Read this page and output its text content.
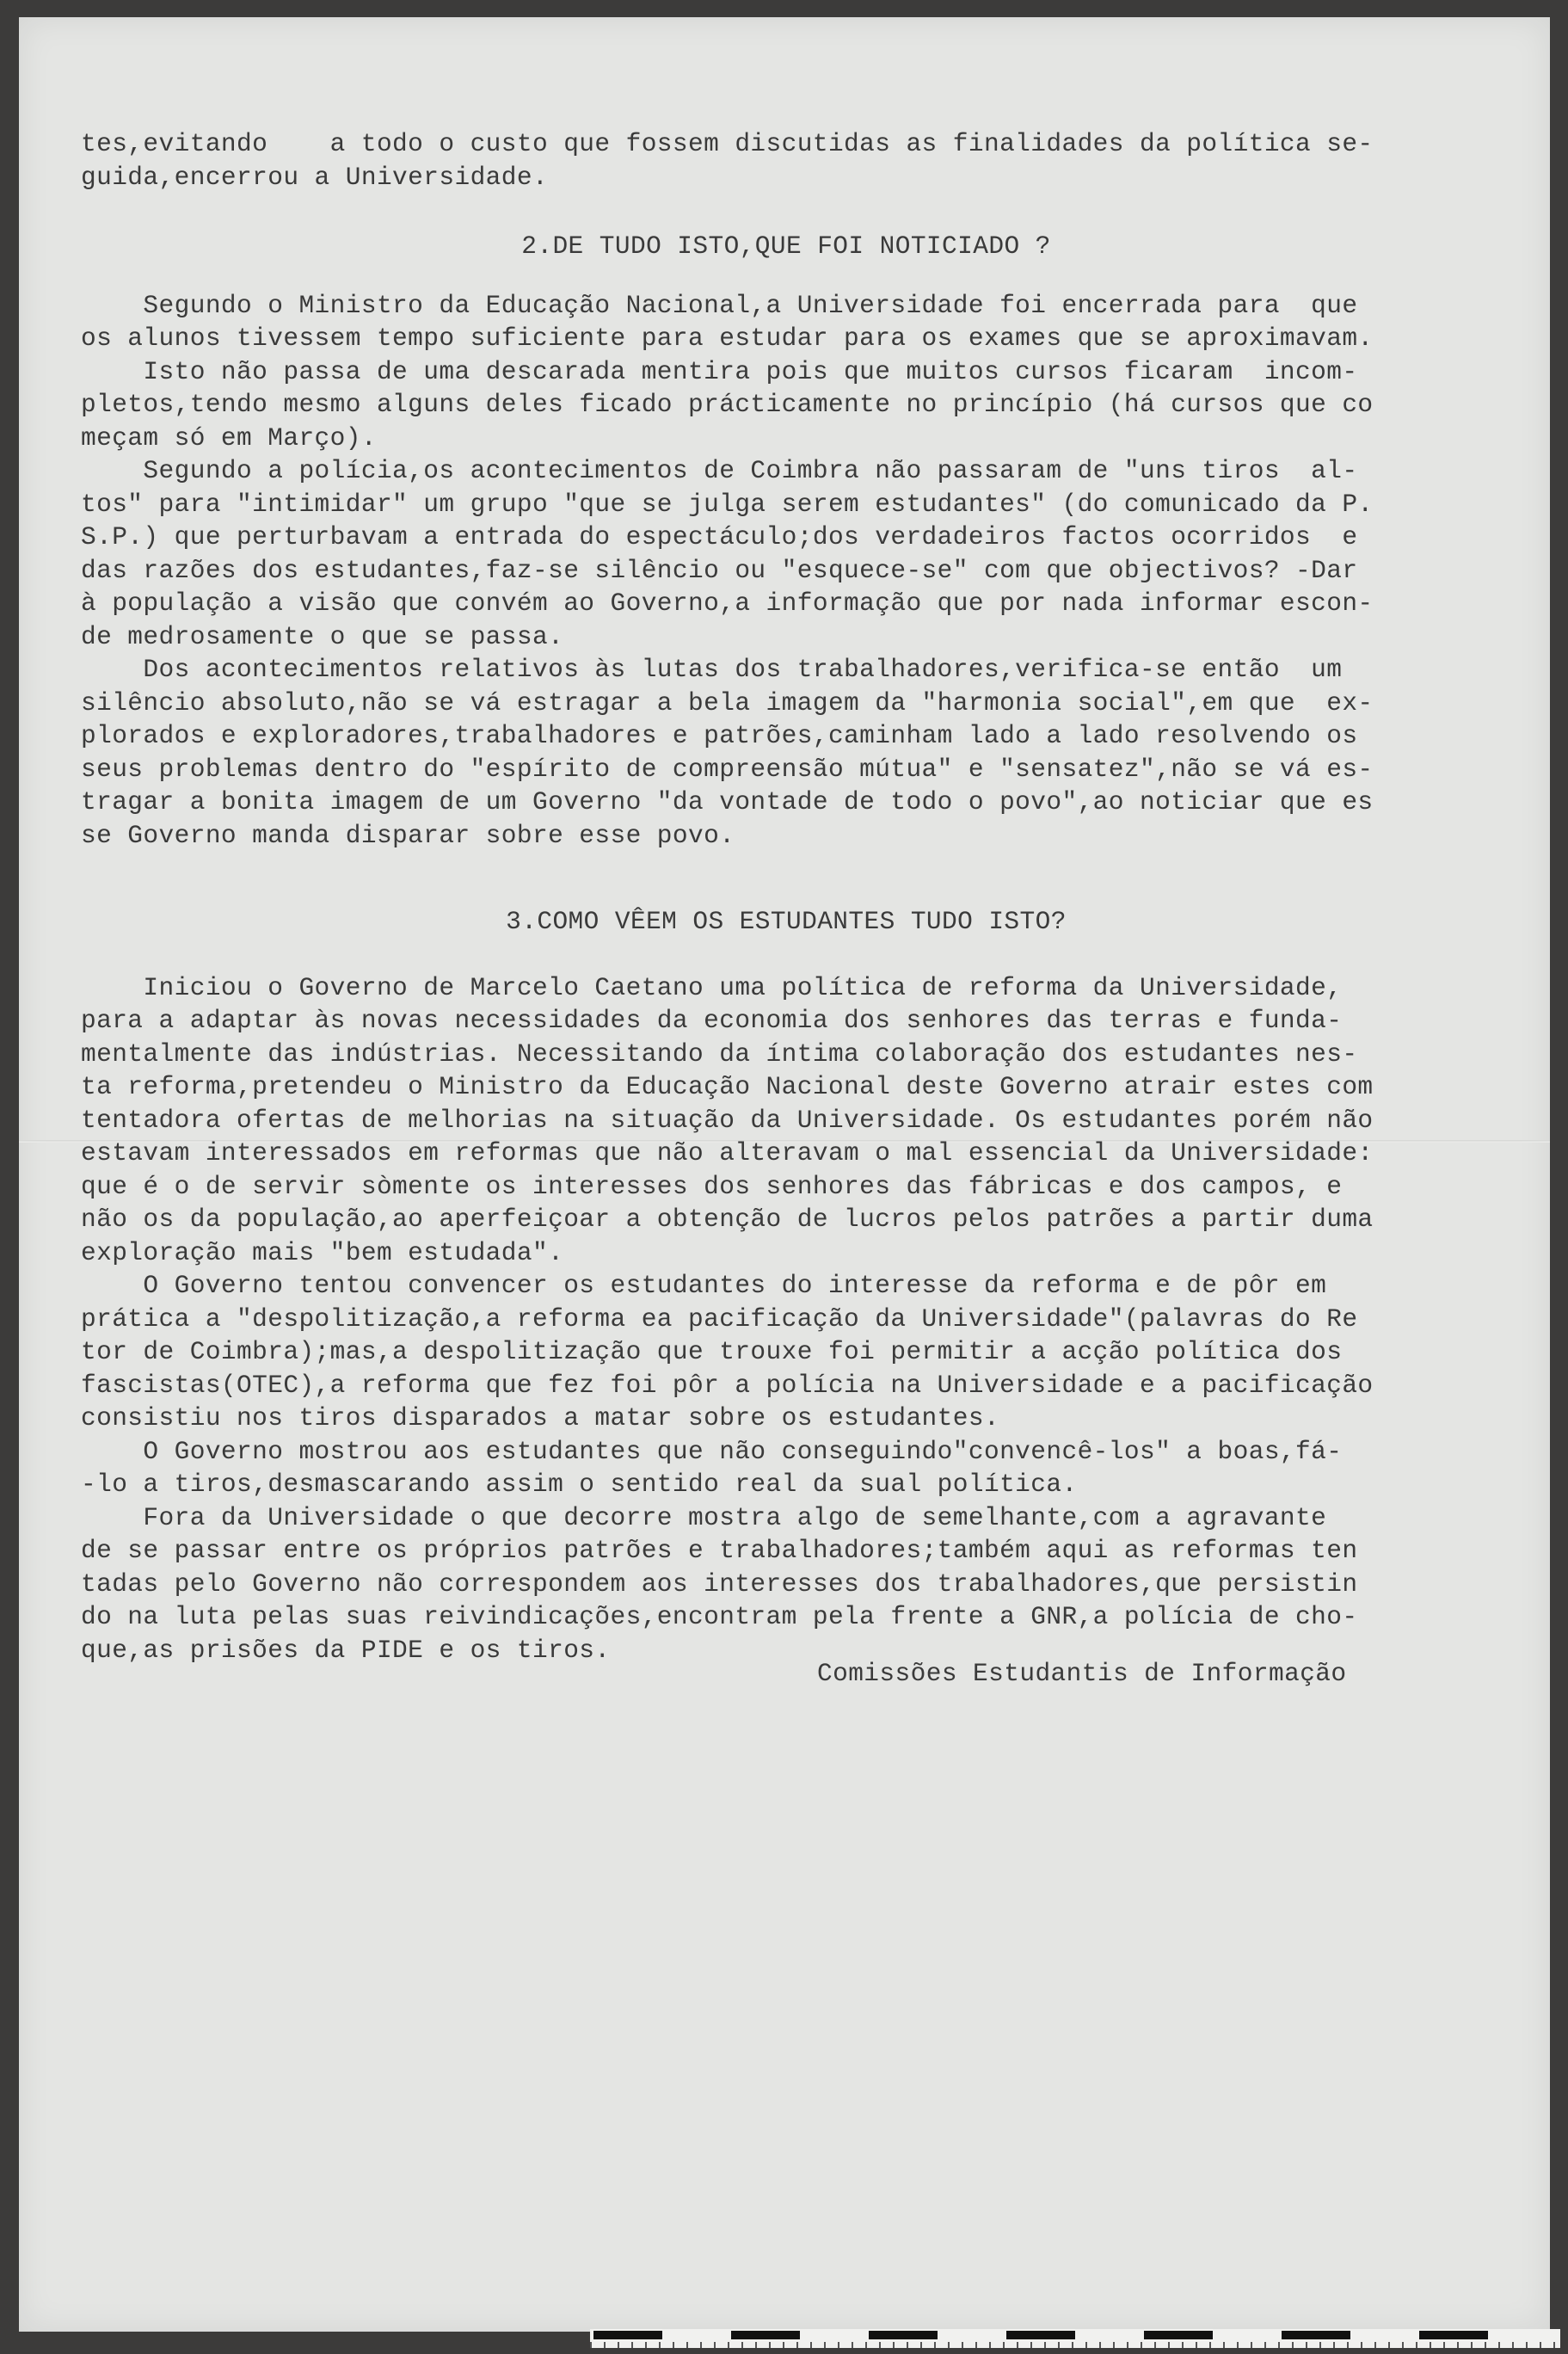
tes,evitando    a todo o custo que fossem discutidas as finalidades da política se-

guida,encerrou a Universidade.

2.DE TUDO ISTO,QUE FOI NOTICIADO ?

Segundo o Ministro da Educação Nacional,a Universidade foi encerrada para  que

os alunos tivessem tempo suficiente para estudar para os exames que se aproximavam.

Isto não passa de uma descarada mentira pois que muitos cursos ficaram  incom-

pletos,tendo mesmo alguns deles ficado prácticamente no princípio (há cursos que co

meçam só em Março).

Segundo a polícia,os acontecimentos de Coimbra não passaram de "uns tiros  al-

tos" para "intimidar" um grupo "que se julga serem estudantes" (do comunicado da P.

S.P.) que perturbavam a entrada do espectáculo;dos verdadeiros factos ocorridos  e

das razões dos estudantes,faz-se silêncio ou "esquece-se" com que objectivos? -Dar

à população a visão que convém ao Governo,a informação que por nada informar escon-

de medrosamente o que se passa.

Dos acontecimentos relativos às lutas dos trabalhadores,verifica-se então  um

silêncio absoluto,não se vá estragar a bela imagem da "harmonia social",em que  ex-

plorados e exploradores,trabalhadores e patrões,caminham lado a lado resolvendo os

seus problemas dentro do "espírito de compreensão mútua" e "sensatez",não se vá es-

tragar a bonita imagem de um Governo "da vontade de todo o povo",ao noticiar que es

se Governo manda disparar sobre esse povo.

3.COMO VÊEM OS ESTUDANTES TUDO ISTO?

Iniciou o Governo de Marcelo Caetano uma política de reforma da Universidade,

para a adaptar às novas necessidades da economia dos senhores das terras e funda-

mentalmente das indústrias. Necessitando da íntima colaboração dos estudantes nes-

ta reforma,pretendeu o Ministro da Educação Nacional deste Governo atrair estes com

tentadora ofertas de melhorias na situação da Universidade. Os estudantes porém não

estavam interessados em reformas que não alteravam o mal essencial da Universidade:

que é o de servir sòmente os interesses dos senhores das fábricas e dos campos, e

não os da população,ao aperfeiçoar a obtenção de lucros pelos patrões a partir duma

exploração mais "bem estudada".

O Governo tentou convencer os estudantes do interesse da reforma e de pôr em

prática a "despolitização,a reforma ea pacificação da Universidade"(palavras do Re

tor de Coimbra);mas,a despolitização que trouxe foi permitir a acção política dos

fascistas(OTEC),a reforma que fez foi pôr a polícia na Universidade e a pacificação

consistiu nos tiros disparados a matar sobre os estudantes.

O Governo mostrou aos estudantes que não conseguindo"convencê-los" a boas,fá-

-lo a tiros,desmascarando assim o sentido real da sual política.

Fora da Universidade o que decorre mostra algo de semelhante,com a agravante

de se passar entre os próprios patrões e trabalhadores;também aqui as reformas ten

tadas pelo Governo não correspondem aos interesses dos trabalhadores,que persistin

do na luta pelas suas reivindicações,encontram pela frente a GNR,a polícia de cho-

que,as prisões da PIDE e os tiros.

Comissões Estudantis de Informação
